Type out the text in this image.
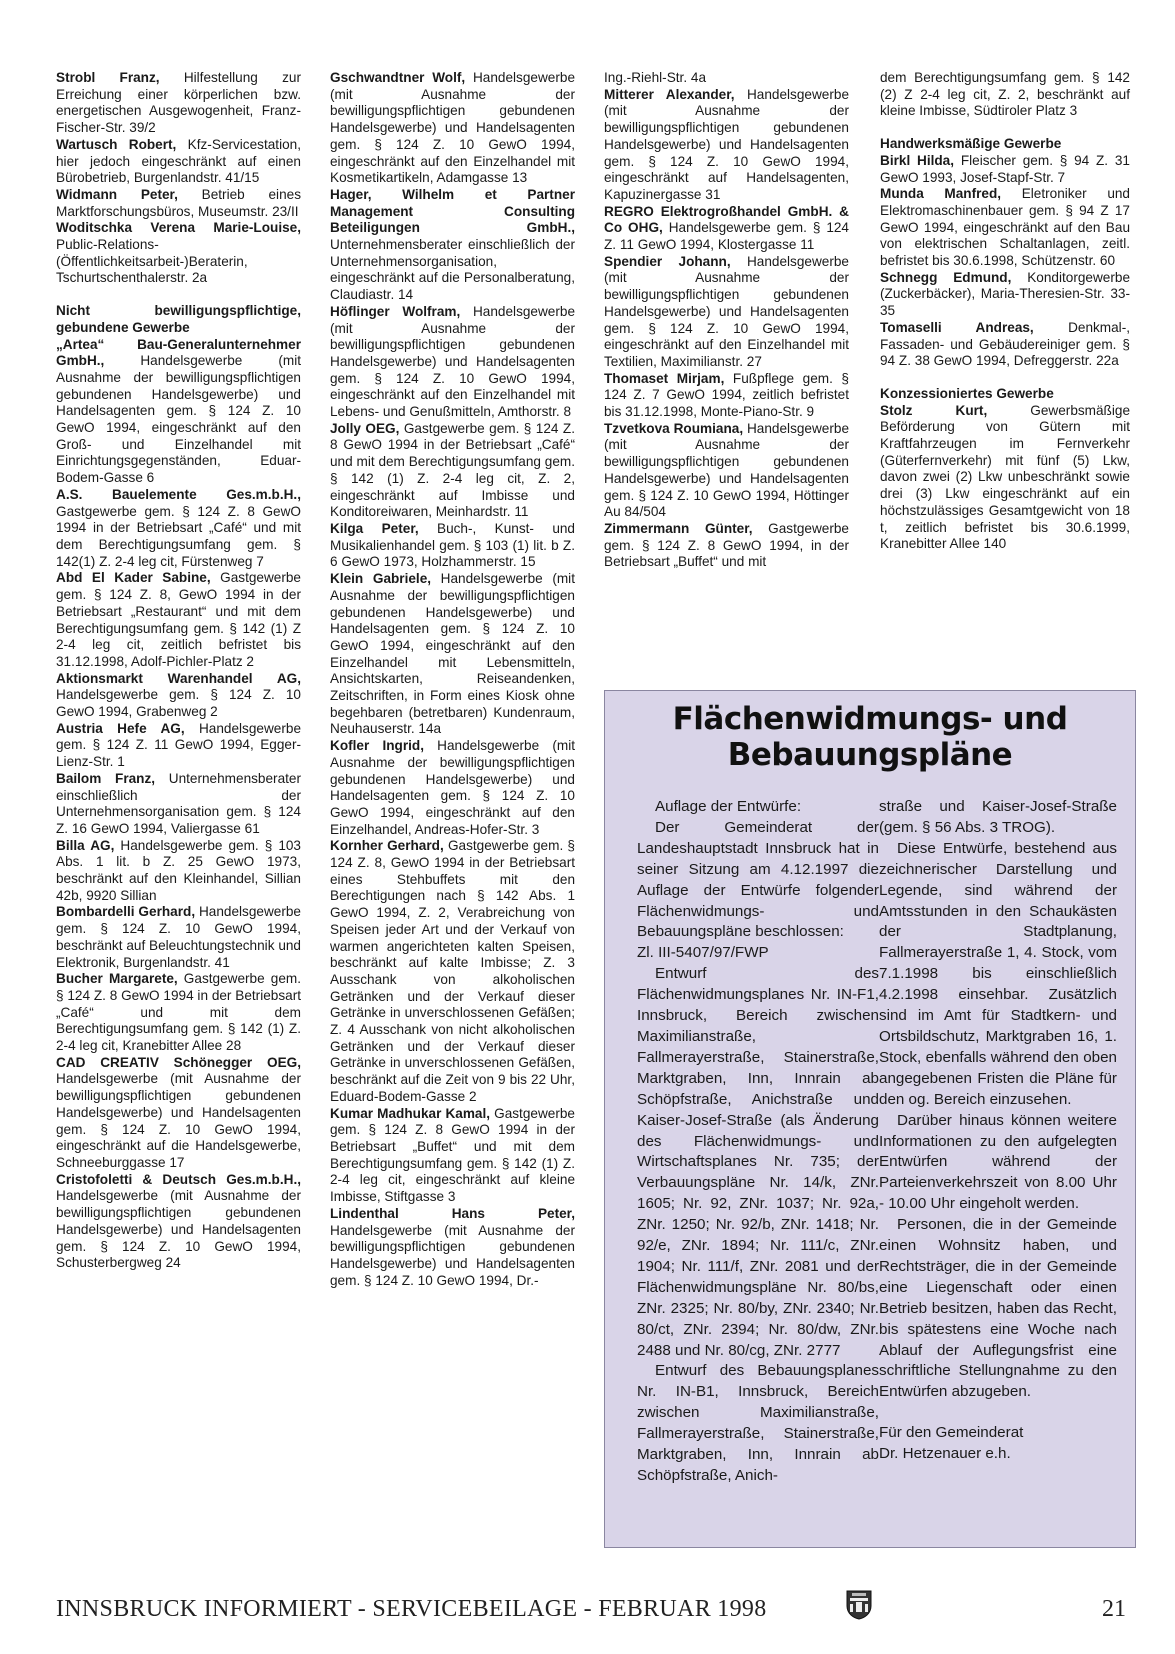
Strobl Franz, Hilfestellung zur Erreichung einer körperlichen bzw. energetischen Ausgewogenheit, Franz-Fischer-Str. 39/2

Wartusch Robert, Kfz-Servicestation, hier jedoch eingeschränkt auf einen Bürobetrieb, Burgenlandstr. 41/15

Widmann Peter, Betrieb eines Marktforschungsbüros, Museumstr. 23/II

Woditschka Verena Marie-Louise, Public-Relations- (Öffentlichkeitsarbeit-)Beraterin, Tschurtschenthalerstr. 2a

Nicht bewilligungspflichtige, gebundene Gewerbe

„Artea“ Bau-Generalunternehmer GmbH., Handelsgewerbe (mit Ausnahme der bewilligungspflichtigen gebundenen Handelsgewerbe) und Handelsagenten gem. § 124 Z. 10 GewO 1994, eingeschränkt auf den Groß- und Einzelhandel mit Einrichtungsgegenständen, Eduar-Bodem-Gasse 6

A.S. Bauelemente Ges.m.b.H., Gastgewerbe gem. § 124 Z. 8 GewO 1994 in der Betriebsart „Café“ und mit dem Berechtigungsumfang gem. § 142(1) Z. 2-4 leg cit, Fürstenweg 7

Abd El Kader Sabine, Gastgewerbe gem. § 124 Z. 8, GewO 1994 in der Betriebsart „Restaurant“ und mit dem Berechtigungsumfang gem. § 142 (1) Z 2-4 leg cit, zeitlich befristet bis 31.12.1998, Adolf-Pichler-Platz 2

Aktionsmarkt Warenhandel AG, Handelsgewerbe gem. § 124 Z. 10 GewO 1994, Grabenweg 2

Austria Hefe AG, Handelsgewerbe gem. § 124 Z. 11 GewO 1994, Egger-Lienz-Str. 1

Bailom Franz, Unternehmensberater einschließlich der Unternehmensorganisation gem. § 124 Z. 16 GewO 1994, Valiergasse 61

Billa AG, Handelsgewerbe gem. § 103 Abs. 1 lit. b Z. 25 GewO 1973, beschränkt auf den Kleinhandel, Sillian 42b, 9920 Sillian

Bombardelli Gerhard, Handelsgewerbe gem. § 124 Z. 10 GewO 1994, beschränkt auf Beleuchtungstechnik und Elektronik, Burgenlandstr. 41

Bucher Margarete, Gastgewerbe gem. § 124 Z. 8 GewO 1994 in der Betriebsart „Café“ und mit dem Berechtigungsumfang gem. § 142 (1) Z. 2-4 leg cit, Kranebitter Allee 28

CAD CREATIV Schönegger OEG, Handelsgewerbe (mit Ausnahme der bewilligungspflichtigen gebundenen Handelsgewerbe) und Handelsagenten gem. § 124 Z. 10 GewO 1994, eingeschränkt auf die Handelsgewerbe, Schneeburggasse 17

Cristofoletti & Deutsch Ges.m.b.H., Handelsgewerbe (mit Ausnahme der bewilligungspflichtigen gebundenen Handelsgewerbe) und Handelsagenten gem. § 124 Z. 10 GewO 1994, Schusterbergweg 24

Gschwandtner Wolf, Handelsgewerbe (mit Ausnahme der bewilligungspflichtigen gebundenen Handelsgewerbe) und Handelsagenten gem. § 124 Z. 10 GewO 1994, eingeschränkt auf den Einzelhandel mit Kosmetikartikeln, Adamgasse 13

Hager, Wilhelm et Partner Management Consulting Beteiligungen GmbH., Unternehmensberater einschließlich der Unternehmensorganisation, eingeschränkt auf die Personalberatung, Claudiastr. 14

Höflinger Wolfram, Handelsgewerbe (mit Ausnahme der bewilligungspflichtigen gebundenen Handelsgewerbe) und Handelsagenten gem. § 124 Z. 10 GewO 1994, eingeschränkt auf den Einzelhandel mit Lebens- und Genußmitteln, Amthorstr. 8

Jolly OEG, Gastgewerbe gem. § 124 Z. 8 GewO 1994 in der Betriebsart „Café“ und mit dem Berechtigungsumfang gem. § 142 (1) Z. 2-4 leg cit, Z. 2, eingeschränkt auf Imbisse und Konditoreiwaren, Meinhardstr. 11

Kilga Peter, Buch-, Kunst- und Musikalienhandel gem. § 103 (1) lit. b Z. 6 GewO 1973, Holzhammerstr. 15

Klein Gabriele, Handelsgewerbe (mit Ausnahme der bewilligungspflichtigen gebundenen Handelsgewerbe) und Handelsagenten gem. § 124 Z. 10 GewO 1994, eingeschränkt auf den Einzelhandel mit Lebensmitteln, Ansichtskarten, Reiseandenken, Zeitschriften, in Form eines Kiosk ohne begehbaren (betretbaren) Kundenraum, Neuhauserstr. 14a

Kofler Ingrid, Handelsgewerbe (mit Ausnahme der bewilligungspflichtigen gebundenen Handelsgewerbe) und Handelsagenten gem. § 124 Z. 10 GewO 1994, eingeschränkt auf den Einzelhandel, Andreas-Hofer-Str. 3

Kornher Gerhard, Gastgewerbe gem. § 124 Z. 8, GewO 1994 in der Betriebsart eines Stehbuffets mit den Berechtigungen nach § 142 Abs. 1 GewO 1994, Z. 2, Verabreichung von Speisen jeder Art und der Verkauf von warmen angerichteten kalten Speisen, beschränkt auf kalte Imbisse; Z. 3 Ausschank von alkoholischen Getränken und der Verkauf dieser Getränke in unverschlossenen Gefäßen; Z. 4 Ausschank von nicht alkoholischen Getränken und der Verkauf dieser Getränke in unverschlossenen Gefäßen, beschränkt auf die Zeit von 9 bis 22 Uhr, Eduard-Bodem-Gasse 2

Kumar Madhukar Kamal, Gastgewerbe gem. § 124 Z. 8 GewO 1994 in der Betriebsart „Buffet“ und mit dem Berechtigungsumfang gem. § 142 (1) Z. 2-4 leg cit, eingeschränkt auf kleine Imbisse, Stiftgasse 3

Lindenthal Hans Peter, Handelsgewerbe (mit Ausnahme der bewilligungspflichtigen gebundenen Handelsgewerbe) und Handelsagenten gem. § 124 Z. 10 GewO 1994, Dr.-

Ing.-Riehl-Str. 4a

Mitterer Alexander, Handelsgewerbe (mit Ausnahme der bewilligungspflichtigen gebundenen Handelsgewerbe) und Handelsagenten gem. § 124 Z. 10 GewO 1994, eingeschränkt auf Handelsagenten, Kapuzinergasse 31

REGRO Elektrogroßhandel GmbH. & Co OHG, Handelsgewerbe gem. § 124 Z. 11 GewO 1994, Klostergasse 11

Spendier Johann, Handelsgewerbe (mit Ausnahme der bewilligungspflichtigen gebundenen Handelsgewerbe) und Handelsagenten gem. § 124 Z. 10 GewO 1994, eingeschränkt auf den Einzelhandel mit Textilien, Maximilianstr. 27

Thomaset Mirjam, Fußpflege gem. § 124 Z. 7 GewO 1994, zeitlich befristet bis 31.12.1998, Monte-Piano-Str. 9

Tzvetkova Roumiana, Handelsgewerbe (mit Ausnahme der bewilligungspflichtigen gebundenen Handelsgewerbe) und Handelsagenten gem. § 124 Z. 10 GewO 1994, Höttinger Au 84/504

Zimmermann Günter, Gastgewerbe gem. § 124 Z. 8 GewO 1994, in der Betriebsart „Buffet“ und mit

dem Berechtigungsumfang gem. § 142 (2) Z 2-4 leg cit, Z. 2, beschränkt auf kleine Imbisse, Südtiroler Platz 3

Handwerksmäßige Gewerbe

Birkl Hilda, Fleischer gem. § 94 Z. 31 GewO 1993, Josef-Stapf-Str. 7

Munda Manfred, Eletroniker und Elektromaschinenbauer gem. § 94 Z 17 GewO 1994, eingeschränkt auf den Bau von elektrischen Schaltanlagen, zeitl. befristet bis 30.6.1998, Schützenstr. 60

Schnegg Edmund, Konditorgewerbe (Zuckerbäcker), Maria-Theresien-Str. 33-35

Tomaselli Andreas, Denkmal-, Fassaden- und Gebäudereiniger gem. § 94 Z. 38 GewO 1994, Defreggerstr. 22a

Konzessioniertes Gewerbe

Stolz Kurt, Gewerbsmäßige Beförderung von Gütern mit Kraftfahrzeugen im Fernverkehr (Güterfernverkehr) mit fünf (5) Lkw, davon zwei (2) Lkw unbeschränkt sowie drei (3) Lkw eingeschränkt auf ein höchstzulässiges Gesamtgewicht von 18 t, zeitlich befristet bis 30.6.1999, Kranebitter Allee 140

Flächenwidmungs- und
Bebauungspläne

Auflage der Entwürfe:

Der Gemeinderat der Landeshauptstadt Innsbruck hat in seiner Sitzung am 4.12.1997 die Auflage der Entwürfe folgender Flächenwidmungs- und Bebauungspläne beschlossen:

Zl. III-5407/97/FWP

Entwurf des Flächenwidmungsplanes Nr. IN-F1, Innsbruck, Bereich zwischen Maximilianstraße, Fallmerayerstraße, Stainerstraße, Marktgraben, Inn, Innrain ab Schöpfstraße, Anichstraße und Kaiser-Josef-Straße (als Änderung des Flächenwidmungs- und Wirtschaftsplanes Nr. 735; der Verbauungspläne Nr. 14/k, ZNr. 1605; Nr. 92, ZNr. 1037; Nr. 92a, ZNr. 1250; Nr. 92/b, ZNr. 1418; Nr. 92/e, ZNr. 1894; Nr. 111/c, ZNr. 1904; Nr. 111/f, ZNr. 2081 und der Flächenwidmungspläne Nr. 80/bs, ZNr. 2325; Nr. 80/by, ZNr. 2340; Nr. 80/ct, ZNr. 2394; Nr. 80/dw, ZNr. 2488 und Nr. 80/cg, ZNr. 2777

Entwurf des Bebauungsplanes Nr. IN-B1, Innsbruck, Bereich zwischen Maximilianstraße, Fallmerayerstraße, Stainerstraße, Marktgraben, Inn, Innrain ab Schöpfstraße, Anich-

straße und Kaiser-Josef-Straße (gem. § 56 Abs. 3 TROG).

Diese Entwürfe, bestehend aus zeichnerischer Darstellung und Legende, sind während der Amtsstunden in den Schaukästen der Stadtplanung, Fallmerayerstraße 1, 4. Stock, vom 7.1.1998 bis einschließlich 4.2.1998 einsehbar. Zusätzlich sind im Amt für Stadtkern- und Ortsbildschutz, Marktgraben 16, 1. Stock, ebenfalls während den oben angegebenen Fristen die Pläne für den og. Bereich einzusehen.

Darüber hinaus können weitere Informationen zu den aufgelegten Entwürfen während der Parteienverkehrszeit von 8.00 Uhr - 10.00 Uhr eingeholt werden.

Personen, die in der Gemeinde einen Wohnsitz haben, und Rechtsträger, die in der Gemeinde eine Liegenschaft oder einen Betrieb besitzen, haben das Recht, bis spätestens eine Woche nach Ablauf der Auflegungsfrist eine schriftliche Stellungnahme zu den Entwürfen abzugeben.

Für den Gemeinderat

Dr. Hetzenauer e.h.

INNSBRUCK INFORMIERT - SERVICEBEILAGE - FEBRUAR 1998	21
